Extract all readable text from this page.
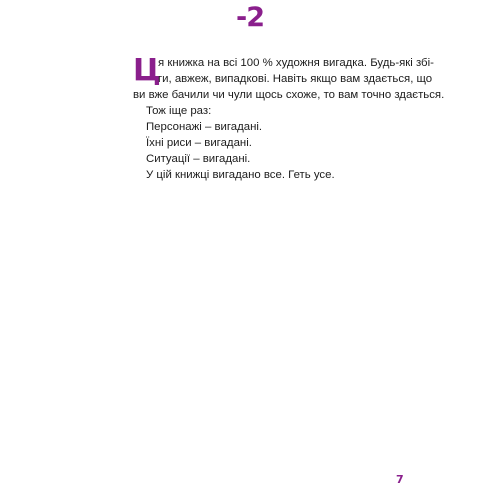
-2
Ц
я книжка на всі 100 % художня вигадка. Будь-які збі-
ги, авжеж, випадкові. Навіть якщо вам здається, що
ви вже бачили чи чули щось схоже, то вам точно здається.

Тож іще раз:

Персонажі – вигадані.

Їхні риси – вигадані.

Ситуації – вигадані.

У цій книжці вигадано все. Геть усе.

7
